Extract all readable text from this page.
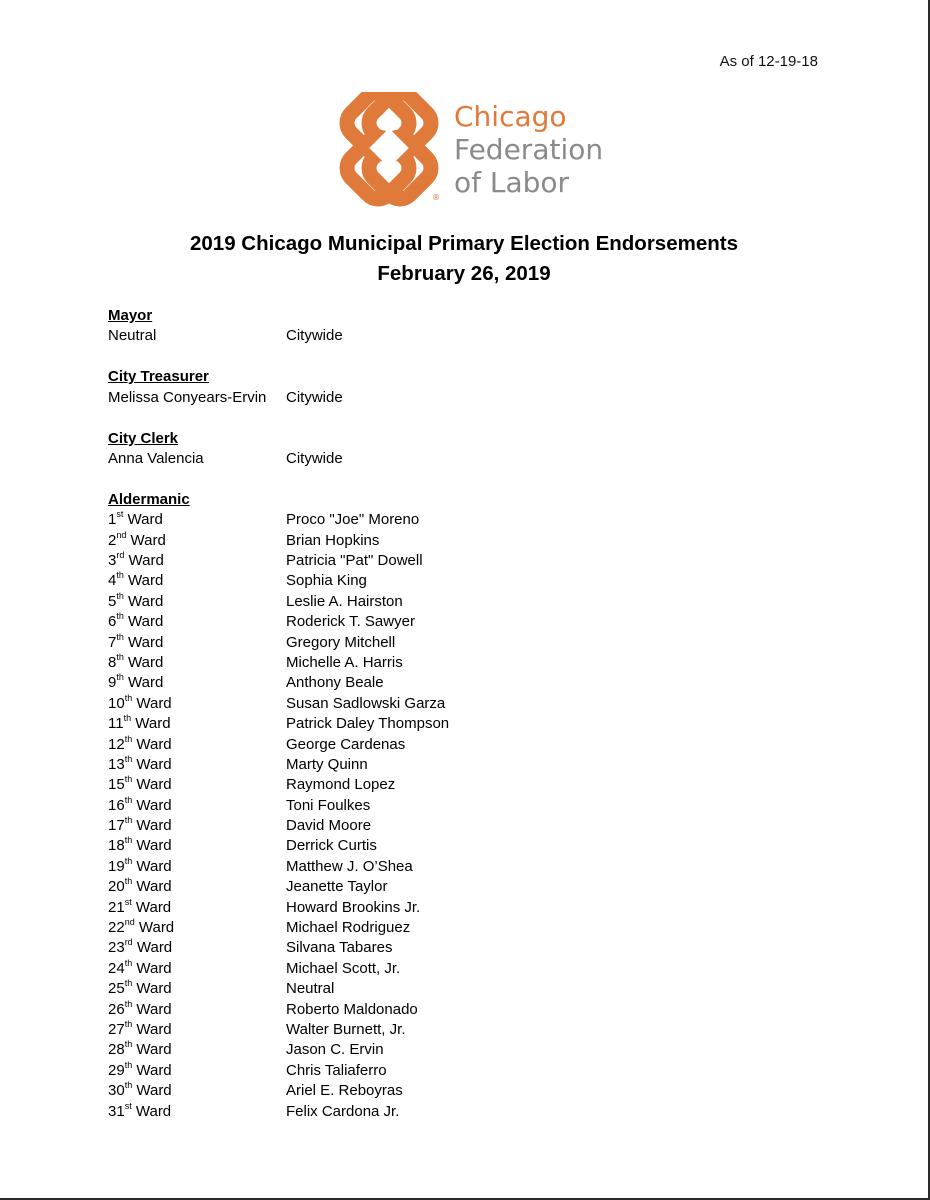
As of 12-19-18
®
Chicago
Federation
of Labor
2019 Chicago Municipal Primary Election Endorsements
February 26, 2019
Mayor
Neutral	Citywide
City Treasurer
Melissa Conyears-Ervin	Citywide
City Clerk
Anna Valencia	Citywide
Aldermanic
1st Ward	Proco "Joe" Moreno
2nd Ward	Brian Hopkins
3rd Ward	Patricia "Pat" Dowell
4th Ward	Sophia King
5th Ward	Leslie A. Hairston
6th Ward	Roderick T. Sawyer
7th Ward	Gregory Mitchell
8th Ward	Michelle A. Harris
9th Ward	Anthony Beale
10th Ward	Susan Sadlowski Garza
11th Ward	Patrick Daley Thompson
12th Ward	George Cardenas
13th Ward	Marty Quinn
15th Ward	Raymond Lopez
16th Ward	Toni Foulkes
17th Ward	David Moore
18th Ward	Derrick Curtis
19th Ward	Matthew J. O’Shea
20th Ward	Jeanette Taylor
21st Ward	Howard Brookins Jr.
22nd Ward	Michael Rodriguez
23rd Ward	Silvana Tabares
24th Ward	Michael Scott, Jr.
25th Ward	Neutral
26th Ward	Roberto Maldonado
27th Ward	Walter Burnett, Jr.
28th Ward	Jason C. Ervin
29th Ward	Chris Taliaferro
30th Ward	Ariel E. Reboyras
31st Ward	Felix Cardona Jr.
